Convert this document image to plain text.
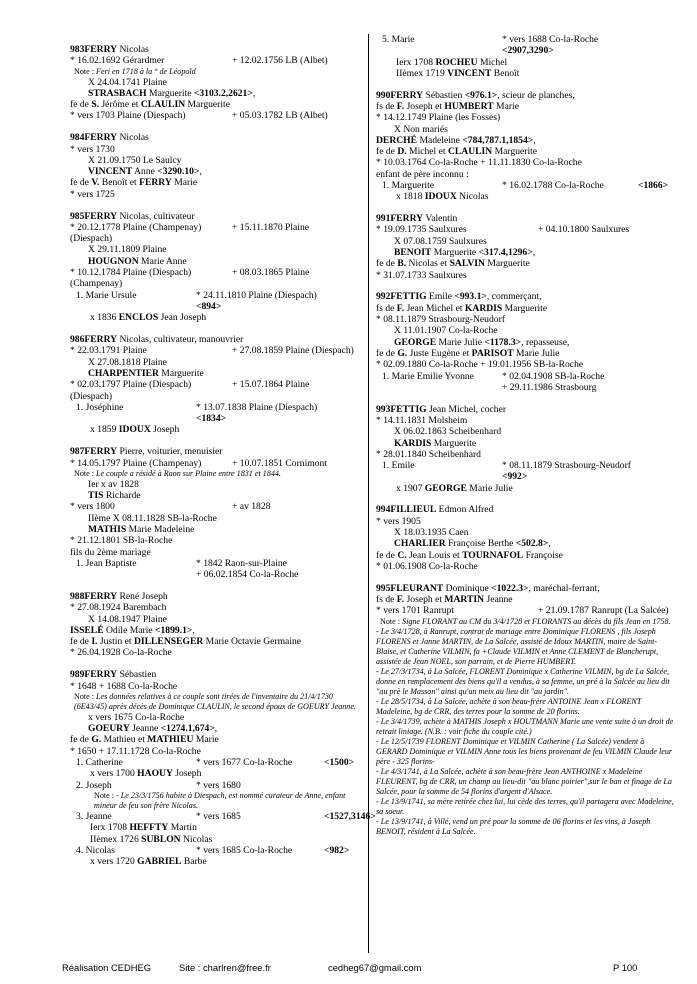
983FERRY Nicolas
* 16.02.1692 Gérardmer	+ 12.02.1756 LB (Albet)
Note : Feri en 1718 à la ° de Léopold
X 24.04.1741 Plaine
STRASBACH Marguerite <3103.2,2621>,
fe de S. Jérôme et CLAULIN Marguerite
* vers 1703 Plaine (Diespach)	+ 05.03.1782 LB (Albet)
984FERRY Nicolas
* vers 1730
X 21.09.1750 Le Saulcy
VINCENT Anne <3290.10>,
fe de V. Benoît et FERRY Marie
* vers 1725
985FERRY Nicolas, cultivateur
* 20.12.1778 Plaine (Champenay)	+ 15.11.1870 Plaine
(Diespach)
X 29.11.1809 Plaine
HOUGNON Marie Anne
* 10.12.1784 Plaine (Diespach)	+ 08.03.1865 Plaine
(Champenay)
1. Marie Ursule	* 24.11.1810 Plaine (Diespach)
<894>
x 1836 ENCLOS Jean Joseph
986FERRY Nicolas, cultivateur, manouvrier
* 22.03.1791 Plaine	+ 27.08.1859 Plaine (Diespach)
X 27.08.1818 Plaine
CHARPENTIER Marguerite
* 02.03.1797 Plaine (Diespach)	+ 15.07.1864 Plaine
(Diespach)
1. Joséphine	* 13.07.1838 Plaine (Diespach)
<1834>
x 1859 IDOUX Joseph
987FERRY Pierre, voiturier, menuisier
* 14.05.1797 Plaine (Champenay)	+ 10.07.1851 Cornimont
Note : Le couple a résidé à Raon sur Plaine entre 1831 et 1844.
Ier x av 1828
TIS Richarde
* vers 1800	+ av 1828
IIème X 08.11.1828 SB-la-Roche
MATHIS Marie Madeleine
* 21.12.1801 SB-la-Roche
fils du 2ème mariage
1. Jean Baptiste	* 1842 Raon-sur-Plaine
+ 06.02.1854 Co-la-Roche
988FERRY René Joseph
* 27.08.1924 Barembach
X 14.08.1947 Plaine
ISSELÉ Odile Marie <1899.1>,
fe de I. Justin et DILLENSEGER Marie Octavie Germaine
* 26.04.1928 Co-la-Roche
989FERRY Sébastien
* 1648 + 1688 Co-la-Roche
Note : Les données relatives à ce couple sont tirées de l'inventaire du 21/4/1730 (6E43/45) après décès de Dominique CLAULIN, le second époux de GOEURY Jeanne.
x vers 1675 Co-la-Roche
GOEURY Jeanne <1274.1,674>,
fe de G. Mathieu et MATHIEU Marie
* 1650 + 17.11.1728 Co-la-Roche
1. Catherine	* vers 1677 Co-la-Roche	<1500>
x vers 1700 HAOUY Joseph
2. Joseph	* vers 1680
Note : - Le 23/3/1756 habite à Diespach, est nommé curateur de Anne, enfant mineur de feu son frère Nicolas.
3. Jeanne	* vers 1685	<1527,3146>
Ierx 1708 HEFFTY Martin
IIèmex 1726 SUBLON Nicolas
4. Nicolas	* vers 1685 Co-la-Roche	<982>
x vers 1720 GABRIEL Barbe
5. Marie	* vers 1688 Co-la-Roche
<2907,3290>
Ierx 1708 ROCHEU Michel
IIèmex 1719 VINCENT Benoît
990FERRY Sébastien <976.1>, scieur de planches,
fs de F. Joseph et HUMBERT Marie
* 14.12.1749 Plaine (les Fosses)
X Non mariés
DERCHÉ Madeleine <784,787.1,1854>,
fe de D. Michel et CLAULIN Marguerite
* 10.03.1764 Co-la-Roche + 11.11.1830 Co-la-Roche
enfant de père inconnu :
1. Marguerite	* 16.02.1788 Co-la-Roche	<1866>
x 1818 IDOUX Nicolas
991FERRY Valentin
* 19.09.1735 Saulxures	+ 04.10.1800 Saulxures
X 07.08.1759 Saulxures
BENOIT Marguerite <317.4,1296>,
fe de B. Nicolas et SALVIN Marguerite
* 31.07.1733 Saulxures
992FETTIG Emile <993.1>, commerçant,
fs de F. Jean Michel et KARDIS Marguerite
* 08.11.1879 Strasbourg-Neudorf
X 11.01.1907 Co-la-Roche
GEORGE Marie Julie <1178.3>, repasseuse,
fe de G. Juste Eugène et PARISOT Marie Julie
* 02.09.1880 Co-la-Roche + 19.01.1956 SB-la-Roche
1. Marie Emilie Yvonne	* 02.04.1908 SB-la-Roche
+ 29.11.1986 Strasbourg
993FETTIG Jean Michel, cocher
* 14.11.1831 Molsheim
X 06.02.1863 Scheibenhard
KARDIS Marguerite
* 28.01.1840 Scheibenhard
1. Emile	* 08.11.1879 Strasbourg-Neudorf
<992>
x 1907 GEORGE Marie Julie
994FILLIEUL Edmon Alfred
* vers 1905
X 18.03.1935 Caen
CHARLIER Françoise Berthe <502.8>,
fe de C. Jean Louis et TOURNAFOL Françoise
* 01.06.1908 Co-la-Roche
995FLEURANT Dominique <1022.3>, maréchal-ferrant,
fs de F. Joseph et MARTIN Jeanne
* vers 1701 Ranrupt	+ 21.09.1787 Ranrupt (La Salcée)
Note : Signe FLORANT au CM du 3/4/1728 et FLORANTS au décès du fils Jean en 1758.
- Le 3/4/1728, à Ranrupt, contrat de mariage entre Dominique FLORENS , fils Joseph FLORENS et Janne MARTIN, de La Salcée, assisté de Idoux MARTIN, maire de Saint-Blaise, et Catherine VILMIN, fa +Claude VILMIN et Anne CLEMENT de Blancherupt, assistée de Jean NOEL, son parrain, et de Pierre HUMBERT.
- Le 27/3/1734, à La Salcée, FLORENT Dominique x Catherine VILMIN, bg de La Salcée, donne en remplacement des biens qu'il a vendus, à sa femme, un pré à la Salcée au lieu dit "au prè le Masson" ainsi qu'un meix au lieu dit "au jardin".
- Le 28/5/1734, à La Salcée, achète à son beau-frère ANTOINE Jean x FLORENT Madeleine, bg de CRR, des terres pour la somme de 20 florins.
- Le 3/4/1739, achète à MATHIS Joseph x HOUTMANN Marie une vente suite à un droit de retrait liniage. (N.B. : voir fiche du couple cité.)
- Le 12/5/1739 FLORENT Dominique et VILMIN Catherine ( La Salcée) vendent à GERARD Dominique et VILMIN Anne tous les biens provenant de feu VILMIN Claude leur père - 325 florins-
- Le 4/3/1741, à La Salcée, achète à son beau-frère Jean ANTHOINE x Madeleine FLEURENT, bg de CRR, un champ au lieu-dit "au blanc poirier",sur le ban et finage de La Salcée, pour la somme de 54 florins d'argent d'Alsace.
- Le 13/9/1741, sa mère retirée chez lui, lui cède des terres, qu'il partagera avec Madeleine, sa soeur.
- Le 13/9/1741, à Villé, vend un pré pour la somme de 06 florins et les vins, à Joseph BENOIT, résident à La Salcée.
Réalisation CEDHEG	Site : charlren@free.fr	cedheg67@gmail.com	P 100
